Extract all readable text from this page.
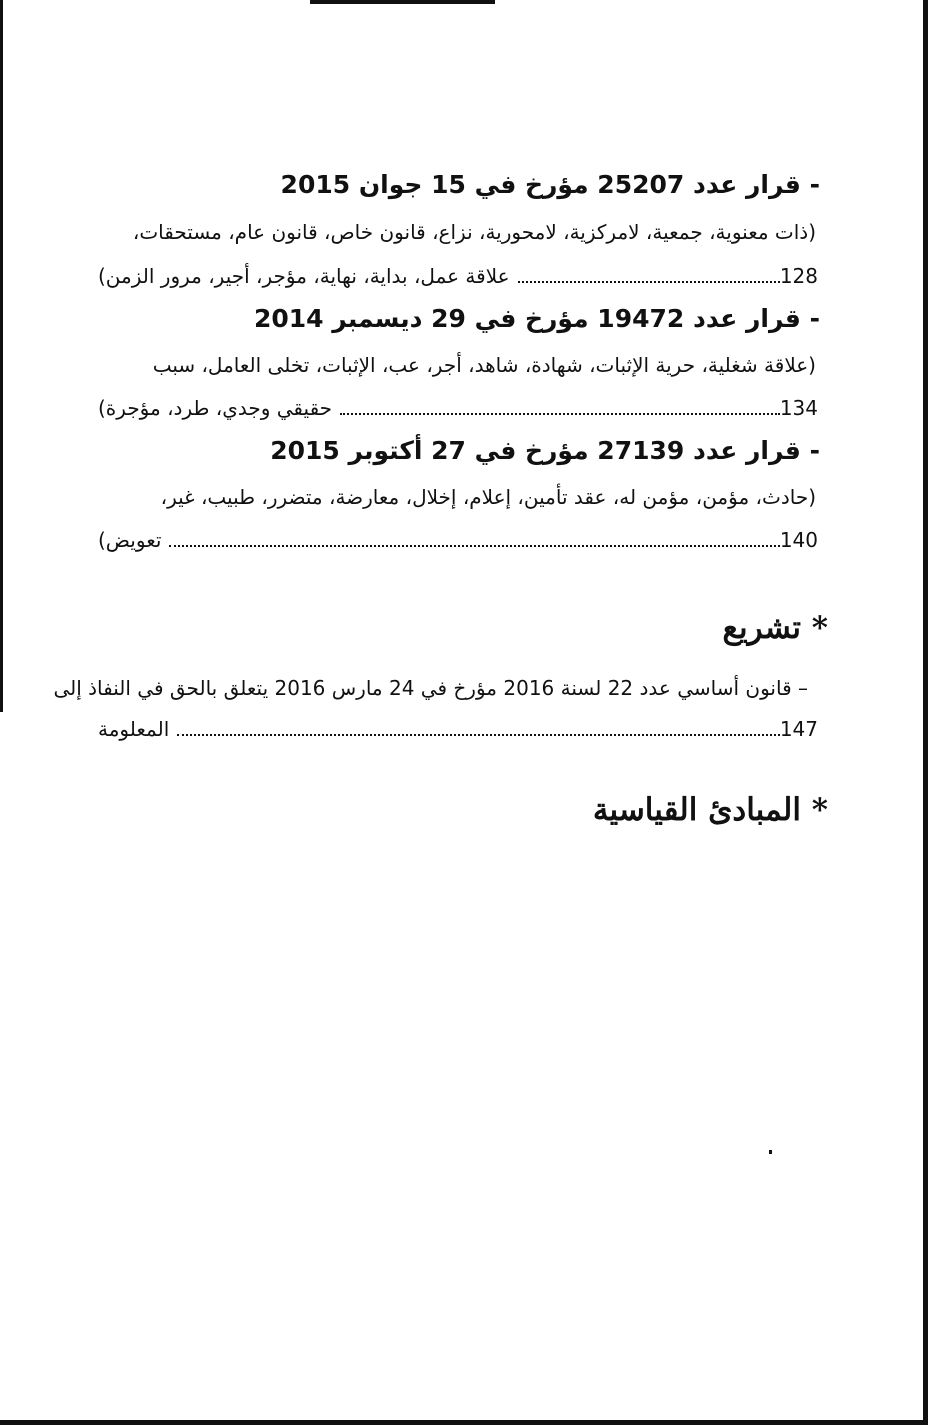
- قرار عدد 25207 مؤرخ في 15 جوان 2015
(ذات معنوية، جمعية، لامركزية، لامحورية، نزاع، قانون خاص، قانون عام، مستحقات،
علاقة عمل، بداية، نهاية، مؤجر، أجير، مرور الزمن)	128
- قرار عدد 19472 مؤرخ في 29 ديسمبر 2014
(علاقة شغلية، حرية الإثبات، شهادة، شاهد، أجر، عب، الإثبات، تخلى العامل، سبب
حقيقي وجدي، طرد، مؤجرة)	134
- قرار عدد 27139 مؤرخ في 27 أكتوبر 2015
(حادث، مؤمن، مؤمن له، عقد تأمين، إعلام، إخلال، معارضة، متضرر، طبيب، غير،
تعويض)	140
* تشريع
– قانون أساسي عدد 22 لسنة 2016 مؤرخ في 24 مارس 2016 يتعلق بالحق في النفاذ إلى
المعلومة	147
* المبادئ القياسية
